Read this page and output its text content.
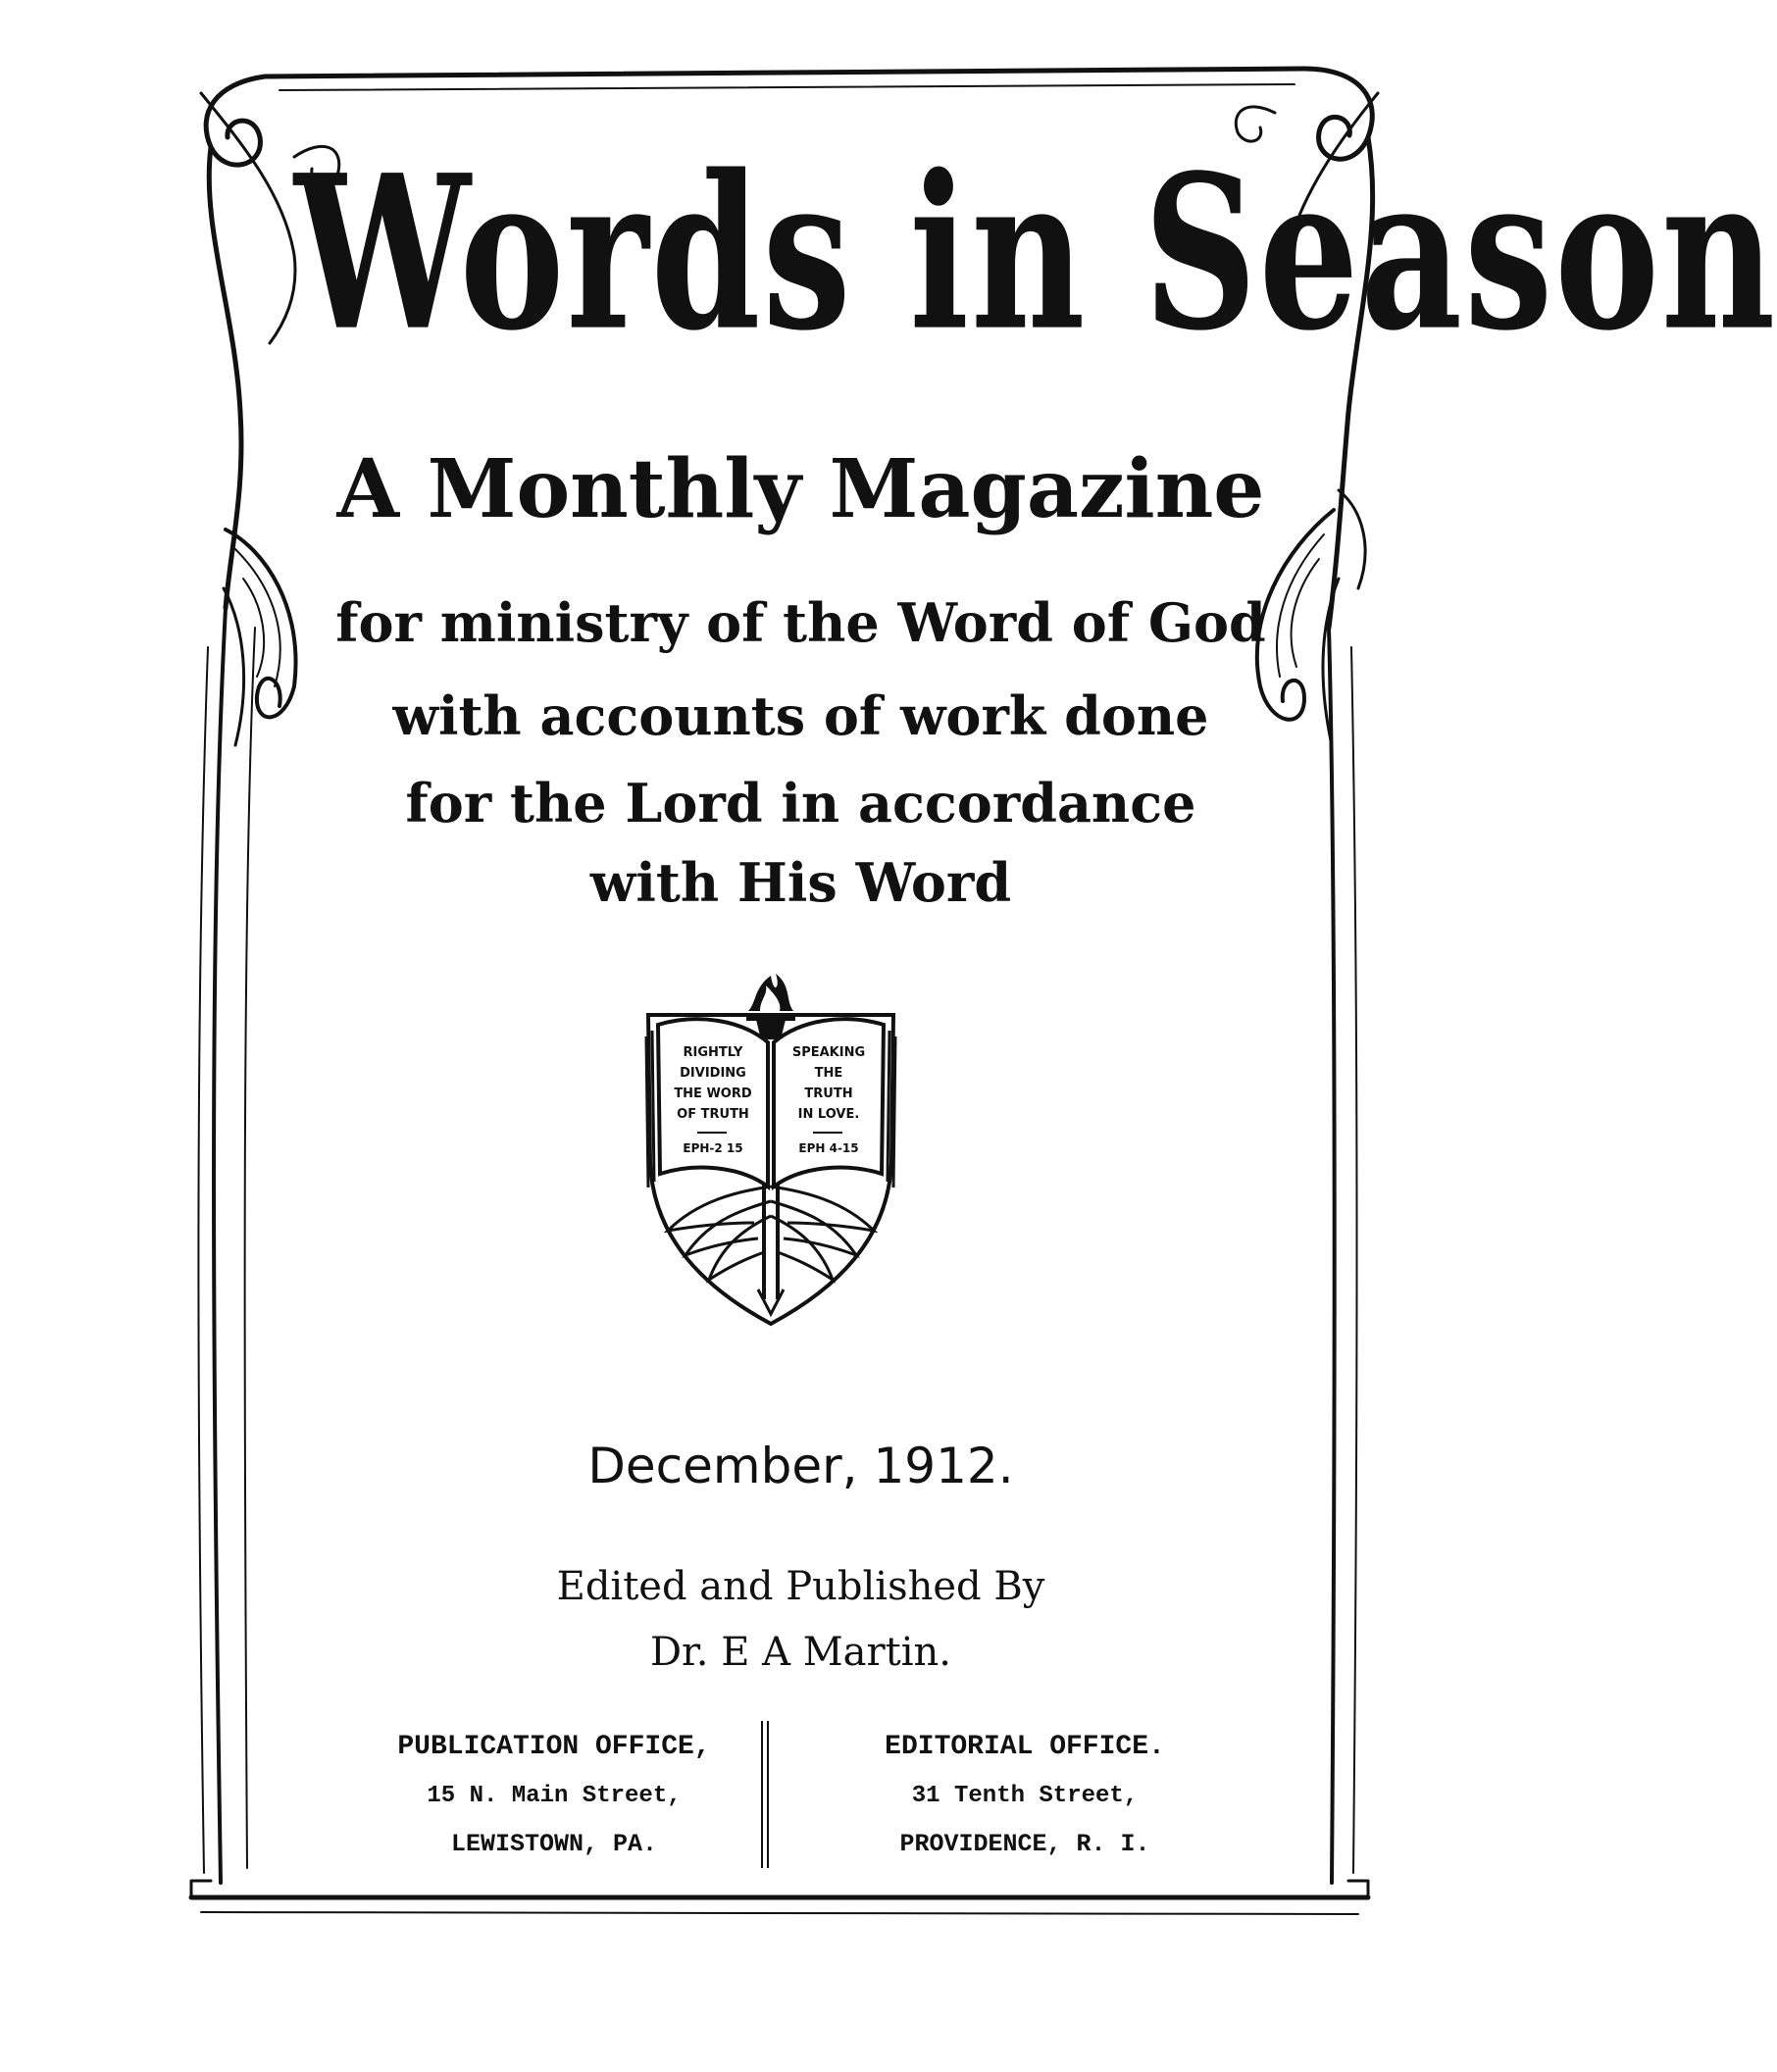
Words in Season
A Monthly Magazine
for ministry of the Word of God
with accounts of work done
for the Lord in accordance
with His Word
RIGHTLY
DIVIDING
THE WORD
OF TRUTH
EPH-2 15
SPEAKING
THE
TRUTH
IN LOVE.
EPH 4-15
December, 1912.
Edited and Published By
Dr. E A Martin.
PUBLICATION OFFICE,
15 N. Main Street,
LEWISTOWN, PA.
EDITORIAL OFFICE.
31 Tenth Street,
PROVIDENCE, R. I.
